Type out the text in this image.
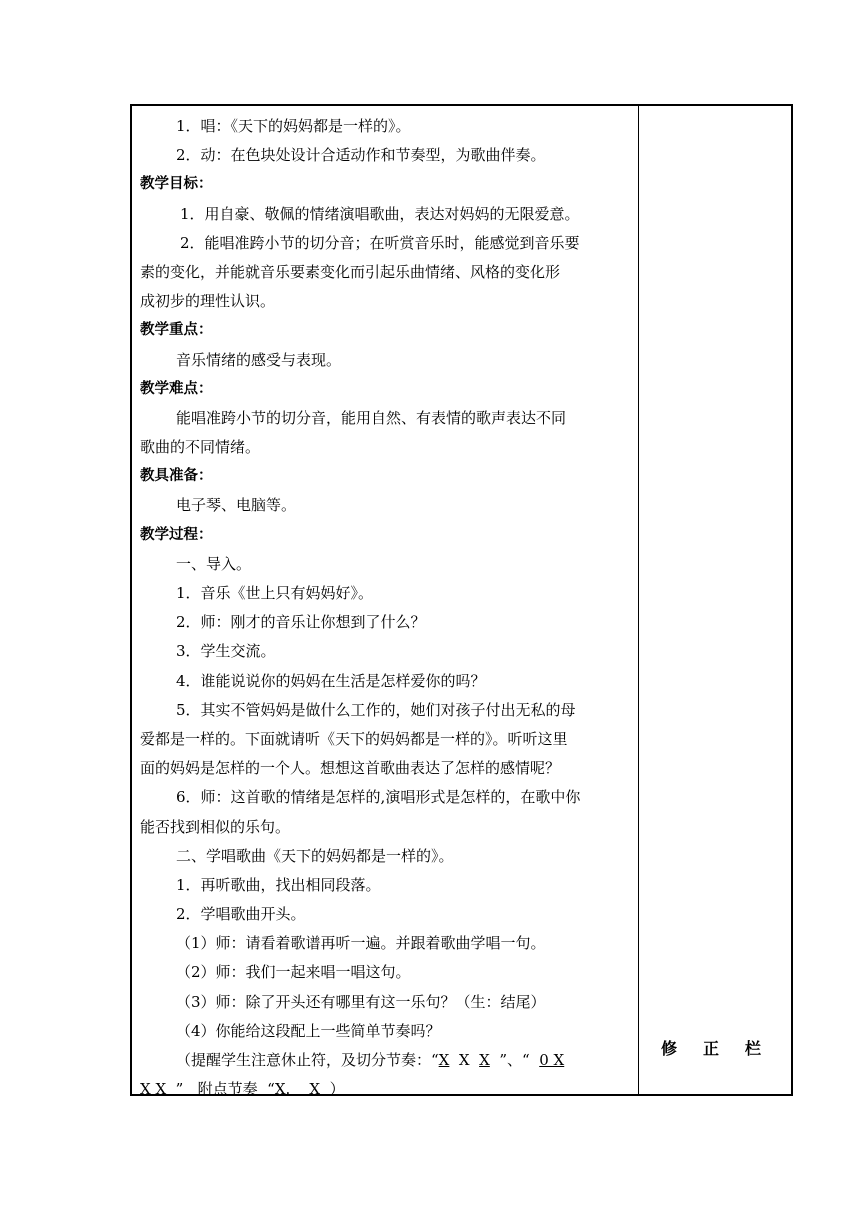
1．唱：《天下的妈妈都是一样的》。
2．动：在色块处设计合适动作和节奏型，为歌曲伴奏。
教学目标：
1．用自豪、敬佩的情绪演唱歌曲，表达对妈妈的无限爱意。
2．能唱准跨小节的切分音；在听赏音乐时，能感觉到音乐要
素的变化，并能就音乐要素变化而引起乐曲情绪、风格的变化形
成初步的理性认识。
教学重点：
音乐情绪的感受与表现。
教学难点：
能唱准跨小节的切分音，能用自然、有表情的歌声表达不同
歌曲的不同情绪。
教具准备：
电子琴、电脑等。
教学过程：
一、导入。
1．音乐《世上只有妈妈好》。
2．师：刚才的音乐让你想到了什么？
3．学生交流。
4．谁能说说你的妈妈在生活是怎样爱你的吗？
5．其实不管妈妈是做什么工作的，她们对孩子付出无私的母
爱都是一样的。下面就请听《天下的妈妈都是一样的》。听听这里
面的妈妈是怎样的一个人。想想这首歌曲表达了怎样的感情呢？
6．师：这首歌的情绪是怎样的,演唱形式是怎样的，在歌中你
能否找到相似的乐句。
二、学唱歌曲《天下的妈妈都是一样的》。
1．再听歌曲，找出相同段落。
2．学唱歌曲开头。
（1）师：请看着歌谱再听一遍。并跟着歌曲学唱一句。
（2）师：我们一起来唱一唱这句。
（3）师：除了开头还有哪里有这一乐句？（生：结尾）
（4）你能给这段配上一些简单节奏吗？
（提醒学生注意休止符，及切分节奏：“X  X  X  ”、“  0 X
X X  ”   附点节奏  “X.    X  ）
修正栏
